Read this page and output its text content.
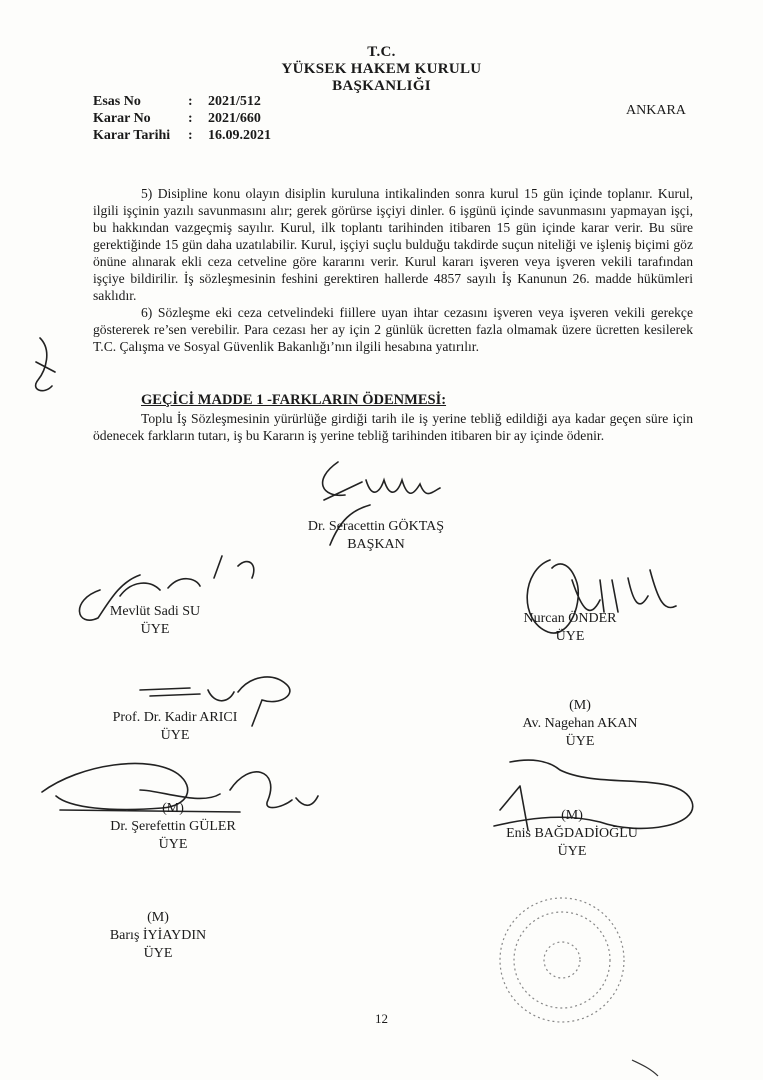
T.C.
YÜKSEK HAKEM KURULU
BAŞKANLIĞI
Esas No	: 2021/512
Karar No	: 2021/660
Karar Tarihi : 16.09.2021
ANKARA

5) Disipline konu olayın disiplin kuruluna intikalinden sonra kurul 15 gün içinde toplanır. Kurul, ilgili işçinin yazılı savunmasını alır; gerek görürse işçiyi dinler. 6 işgünü içinde savunmasını yapmayan işçi, bu hakkından vazgeçmiş sayılır. Kurul, ilk toplantı tarihinden itibaren 15 gün içinde karar verir. Bu süre gerektiğinde 15 gün daha uzatılabilir. Kurul, işçiyi suçlu bulduğu takdirde suçun niteliği ve işleniş biçimi göz önüne alınarak ekli ceza cetveline göre kararını verir. Kurul kararı işveren veya işveren vekili tarafından işçiye bildirilir. İş sözleşmesinin feshini gerektiren hallerde 4857 sayılı İş Kanunun 26. madde hükümleri saklıdır.

6) Sözleşme eki ceza cetvelindeki fiillere uyan ihtar cezasını işveren veya işveren vekili gerekçe göstererek re’sen verebilir. Para cezası her ay için 2 günlük ücretten fazla olmamak üzere ücretten kesilerek T.C. Çalışma ve Sosyal Güvenlik Bakanlığı’nın ilgili hesabına yatırılır.

GEÇİCİ MADDE 1 -FARKLARIN ÖDENMESİ:

Toplu İş Sözleşmesinin yürürlüğe girdiği tarih ile iş yerine tebliğ edildiği aya kadar geçen süre için ödenecek farkların tutarı, iş bu Kararın iş yerine tebliğ tarihinden itibaren bir ay içinde ödenir.

Dr. Seracettin GÖKTAŞ
BAŞKAN
Mevlüt Sadi SU
ÜYE
Nurcan ÖNDER
ÜYE
Prof. Dr. Kadir ARICI
ÜYE
(M)
Av. Nagehan AKAN
ÜYE
(M)
Dr. Şerefettin GÜLER
ÜYE
(M)
Enis BAĞDADİOĞLU
ÜYE
(M)
Barış İYİAYDIN
ÜYE
12
